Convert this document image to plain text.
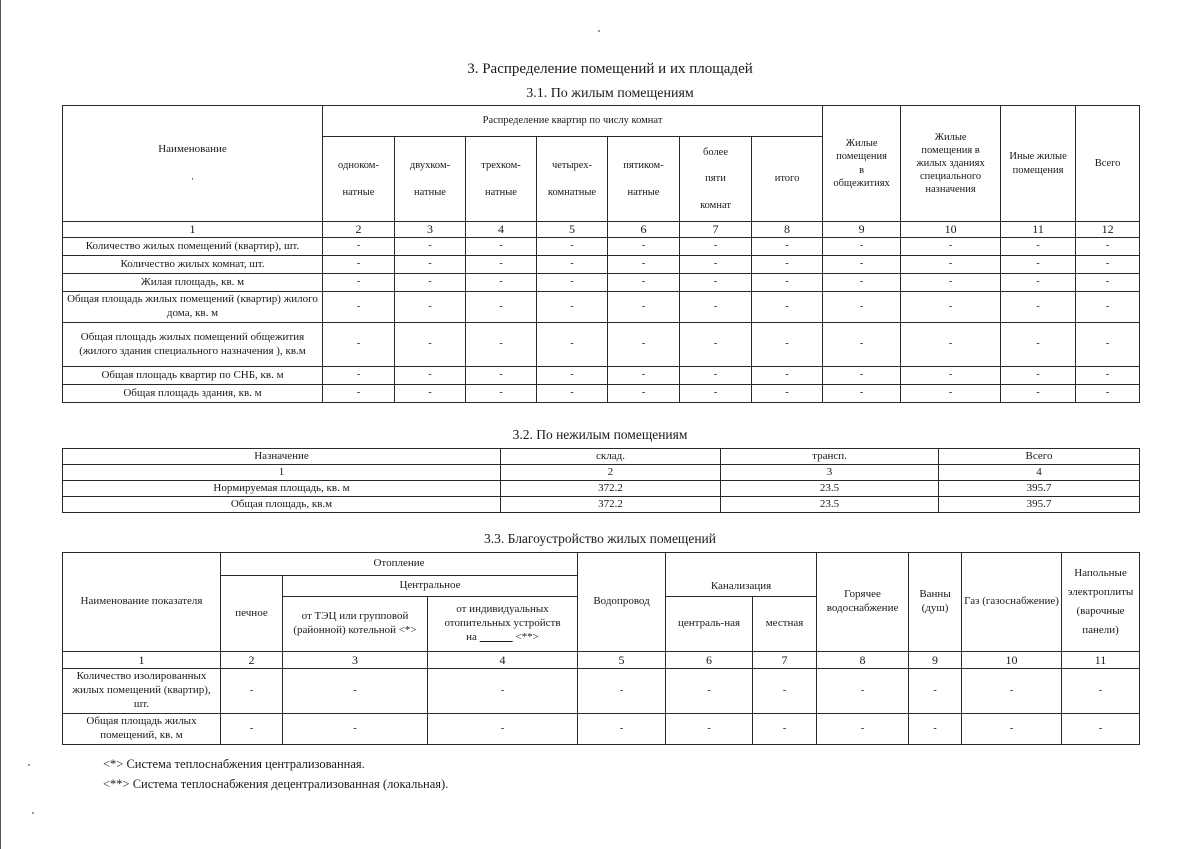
3. Распределение помещений и их площадей
3.1. По жилым помещениям
Наименование

,	Распределение квартир по числу комнат							Жилые
помещения
в
общежитиях	Жилые
помещения в
жилых зданиях
специального
назначения	Иные жилые
помещения	Всего
	одноком-

натные	двухком-

натные	трехком-

натные	четырех-

комнатные	пятиком-

натные	более

пяти

комнат	итого				
1	2	3	4	5	6	7	8	9	10	11	12
Количество жилых помещений (квартир), шт.	-	-	-	-	-	-	-	-	-	-	-
Количество жилых комнат, шт.	-	-	-	-	-	-	-	-	-	-	-
Жилая площадь, кв. м	-	-	-	-	-	-	-	-	-	-	-
Общая площадь жилых помещений (квартир) жилого дома, кв. м	-	-	-	-	-	-	-	-	-	-	-
Общая площадь жилых помещений общежития (жилого здания специального назначения ), кв.м	-	-	-	-	-	-	-	-	-	-	-
Общая площадь квартир по СНБ, кв. м	-	-	-	-	-	-	-	-	-	-	-
Общая площадь здания, кв. м	-	-	-	-	-	-	-	-	-	-	-
3.2. По нежилым помещениям
Назначение	склад.	трансп.	Всего
1	2	3	4
Нормируемая площадь, кв. м	372.2	23.5	395.7
Общая площадь, кв.м	372.2	23.5	395.7
3.3. Благоустройство жилых помещений
Наименование показателя	Отопление			Водопровод	Канализация		Горячее водоснабжение	Ванны (душ)	Газ (газоснабжение)	Напольные электроплиты (варочные панели)
	печное	Центральное								
		от ТЭЦ или групповой (районной) котельной <*>	от индивидуальных отопительных устройств
на <**>		централь-ная	местная				
1	2	3	4	5	6	7	8	9	10	11
Количество изолированных жилых помещений (квартир), шт.	-	-	-	-	-	-	-	-	-	-
Общая площадь жилых помещений, кв. м	-	-	-	-	-	-	-	-	-	-
<*> Система теплоснабжения централизованная.
<**> Система теплоснабжения децентрализованная (локальная).
